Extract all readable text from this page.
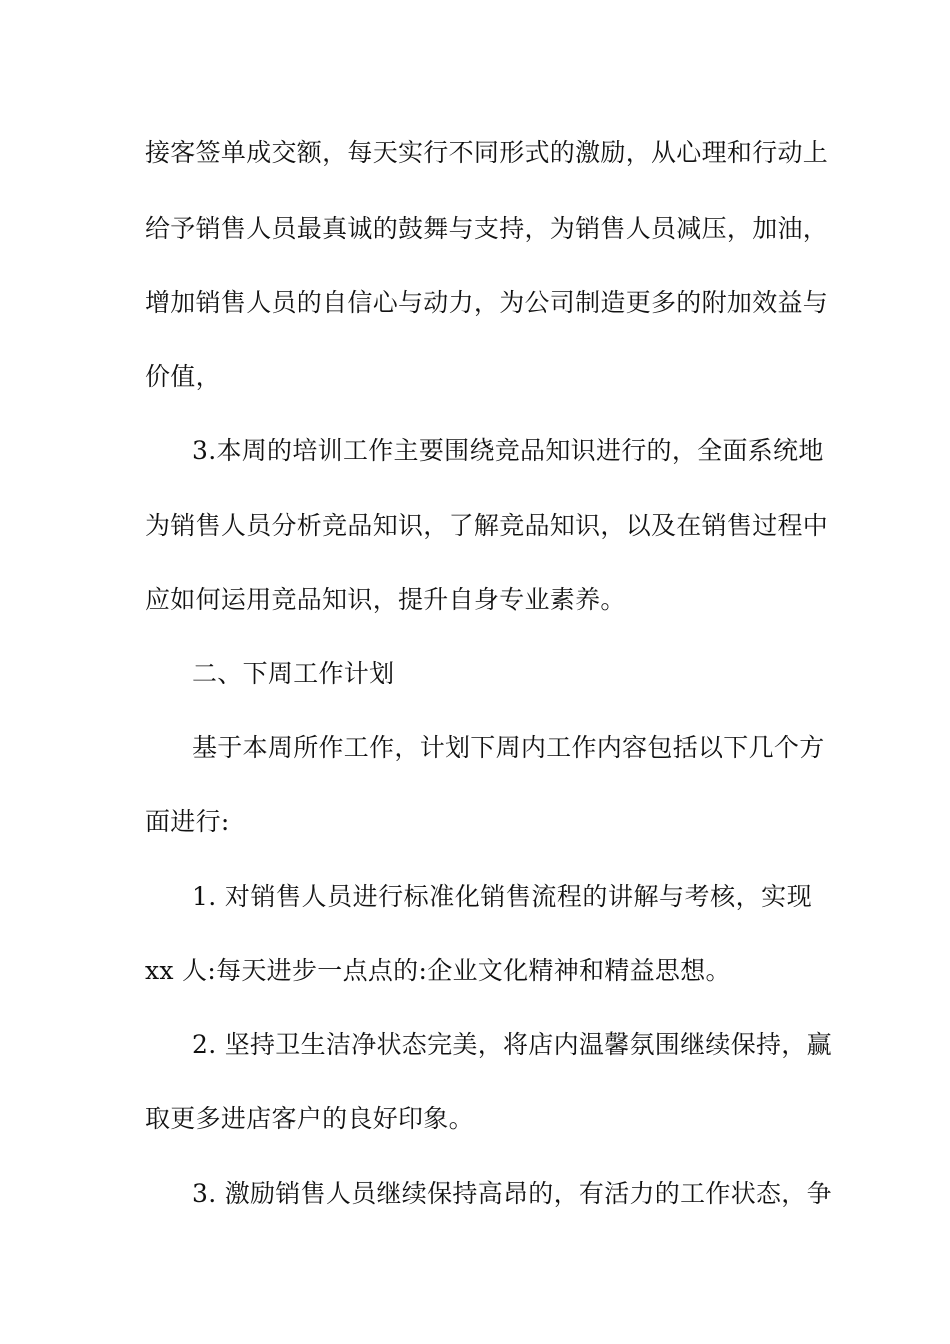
接客签单成交额，每天实行不同形式的激励，从心理和行动上
给予销售人员最真诚的鼓舞与支持，为销售人员减压，加油，
增加销售人员的自信心与动力，为公司制造更多的附加效益与
价值，
3.本周的培训工作主要围绕竞品知识进行的，全面系统地
为销售人员分析竞品知识，了解竞品知识，以及在销售过程中
应如何运用竞品知识，提升自身专业素养。
二、下周工作计划
基于本周所作工作，计划下周内工作内容包括以下几个方
面进行:
1. 对销售人员进行标准化销售流程的讲解与考核，实现
xx 人:每天进步一点点的:企业文化精神和精益思想。
2. 坚持卫生洁净状态完美，将店内温馨氛围继续保持，赢
取更多进店客户的良好印象。
3. 激励销售人员继续保持高昂的，有活力的工作状态，争
